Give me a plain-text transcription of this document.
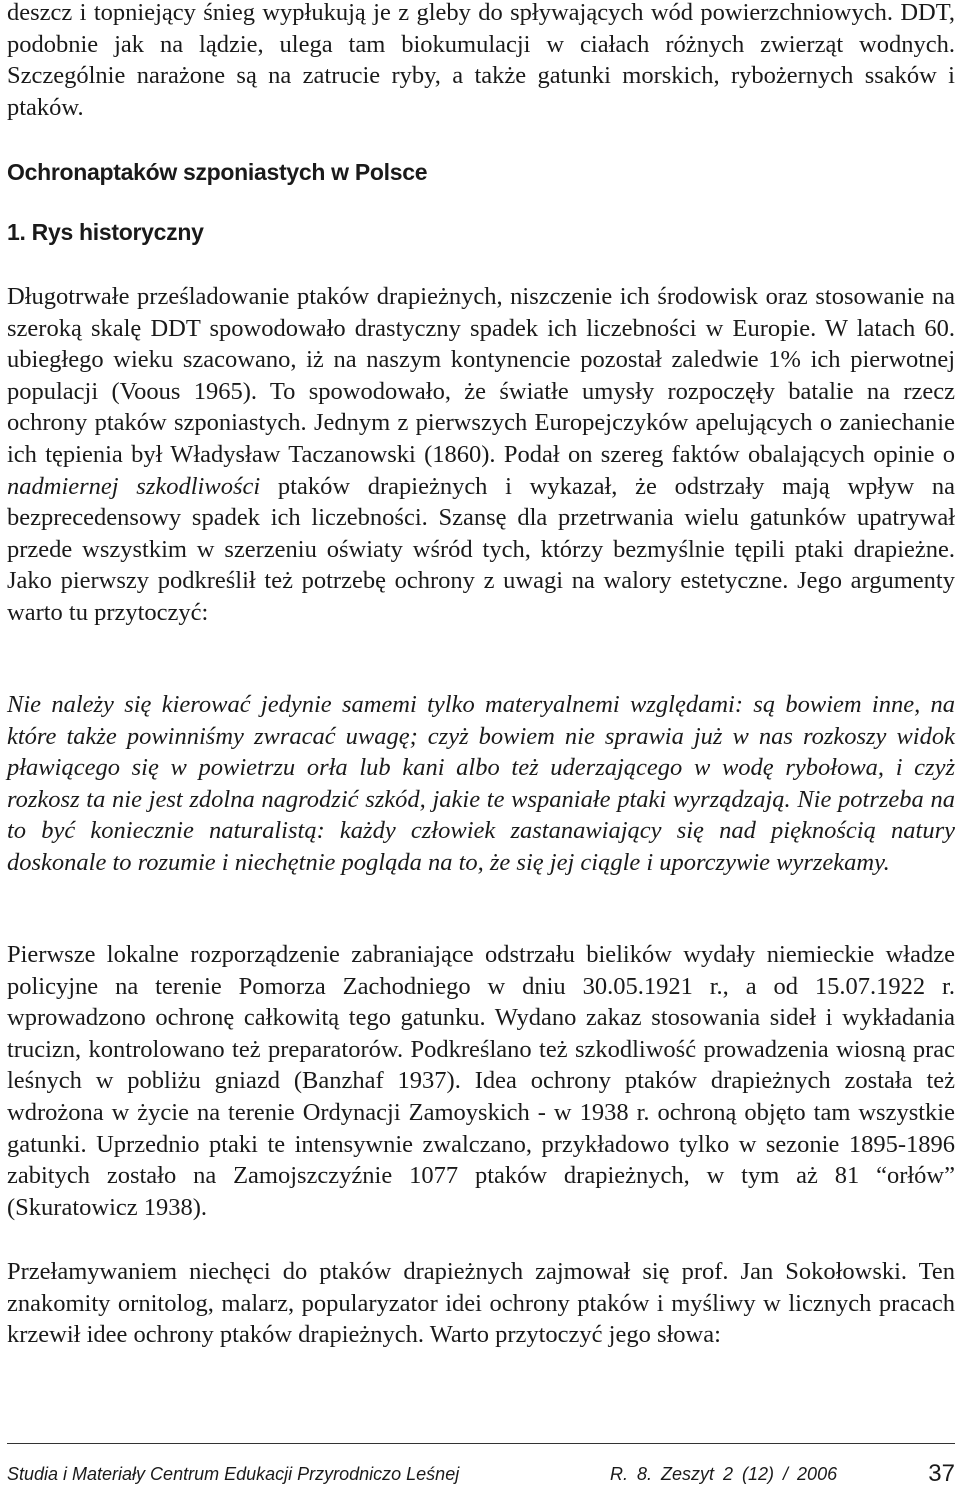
deszcz i topniejący śnieg wypłukują je z gleby do spływających wód powierzchniowych. DDT, podobnie jak na lądzie, ulega tam biokumulacji w ciałach różnych zwierząt wodnych. Szczególnie narażone są na zatrucie ryby, a także gatunki morskich, rybożernych ssaków i ptaków.

Ochronaptaków szponiastych w Polsce
1. Rys historyczny

Długotrwałe prześladowanie ptaków drapieżnych, niszczenie ich środowisk oraz stosowanie na szeroką skalę DDT spowodowało drastyczny spadek ich liczebności w Europie. W latach 60. ubiegłego wieku szacowano, iż na naszym kontynencie pozostał zaledwie 1% ich pierwotnej populacji (Voous 1965). To spowodowało, że światłe umysły rozpoczęły batalie na rzecz ochrony ptaków szponiastych. Jednym z pierwszych Europejczyków apelujących o zaniechanie ich tępienia był Władysław Taczanowski (1860). Podał on szereg faktów obalających opinie o nadmiernej szkodliwości ptaków drapieżnych i wykazał, że odstrzały mają wpływ na bezprecedensowy spadek ich liczebności. Szansę dla przetrwania wielu gatunków upatrywał przede wszystkim w szerzeniu oświaty wśród tych, którzy bezmyślnie tępili ptaki drapieżne. Jako pierwszy podkreślił też potrzebę ochrony z uwagi na walory estetyczne. Jego argumenty warto tu przytoczyć:

Nie należy się kierować jedynie samemi tylko materyalnemi względami: są bowiem inne, na które także powinniśmy zwracać uwagę; czyż bowiem nie sprawia już w nas rozkoszy widok pławiącego się w powietrzu orła lub kani albo też uderzającego w wodę rybołowa, i czyż rozkosz ta nie jest zdolna nagrodzić szkód, jakie te wspaniałe ptaki wyrządzają. Nie potrzeba na to być koniecznie naturalistą: każdy człowiek zastanawiający się nad pięknością natury doskonale to rozumie i niechętnie pogląda na to, że się jej ciągle i uporczywie wyrzekamy.

Pierwsze lokalne rozporządzenie zabraniające odstrzału bielików wydały niemieckie władze policyjne na terenie Pomorza Zachodniego w dniu 30.05.1921 r., a od 15.07.1922 r. wprowadzono ochronę całkowitą tego gatunku. Wydano zakaz stosowania sideł i wykładania trucizn, kontrolowano też preparatorów. Podkreślano też szkodliwość prowadzenia wiosną prac leśnych w pobliżu gniazd (Banzhaf 1937). Idea ochrony ptaków drapieżnych została też wdrożona w życie na terenie Ordynacji Zamoyskich - w 1938 r. ochroną objęto tam wszystkie gatunki. Uprzednio ptaki te intensywnie zwalczano, przykładowo tylko w sezonie 1895-1896 zabitych zostało na Zamojszczyźnie 1077 ptaków drapieżnych, w tym aż 81 “orłów” (Skuratowicz 1938).

Przełamywaniem niechęci do ptaków drapieżnych zajmował się prof. Jan Sokołowski. Ten znakomity ornitolog, malarz, popularyzator idei ochrony ptaków i myśliwy w licznych pracach krzewił idee ochrony ptaków drapieżnych. Warto przytoczyć jego słowa:

Studia i Materiały Centrum Edukacji Przyrodniczo Leśnej	R. 8. Zeszyt 2 (12) / 2006	37
